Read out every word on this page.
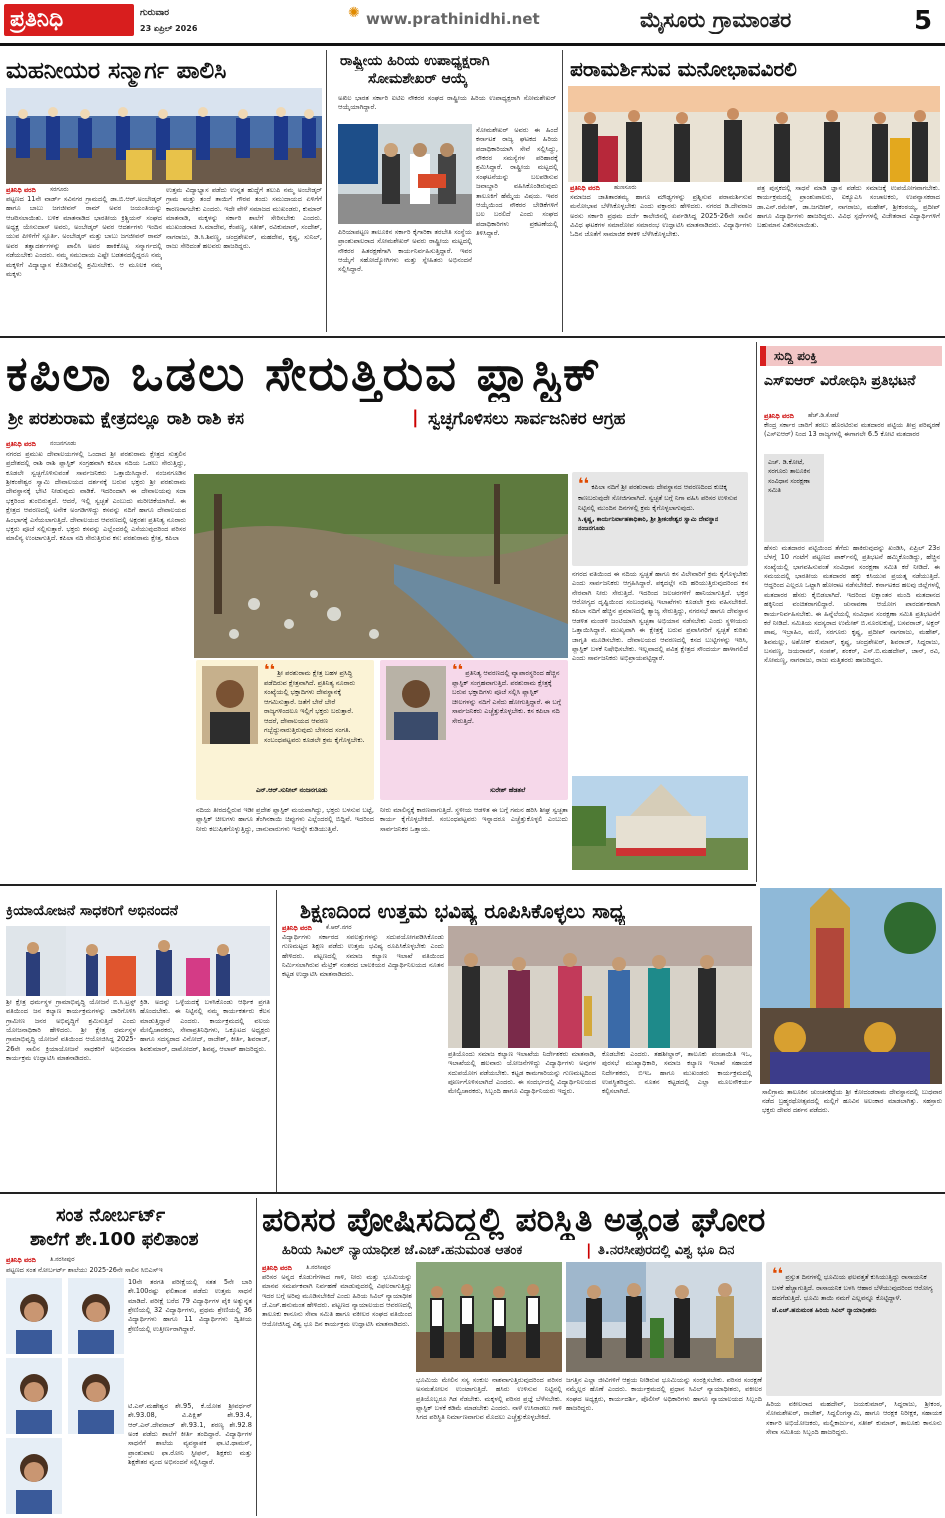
ಪ್ರತಿನಿಧಿ	ಗುರುವಾರ
23 ಏಪ್ರಿಲ್ 2026
✺ www.prathinidhi.net	ಮೈಸೂರು ಗ್ರಾಮಾಂತರ	5
ಮಹನೀಯರ ಸನ್ಮಾರ್ಗ ಪಾಲಿಸಿ
ಪ್ರತಿನಿಧಿ ವರದಿ ಸರಗೂರು
ಪಟ್ಟಣದ 11ನೇ ವಾರ್ಡ್ ಸವಿನಗರ ಗ್ರಾಮದಲ್ಲಿ ಡಾ.ಬಿ.ಆರ್.ಅಂಬೇಡ್ಕರ್ ಹಾಗೂ ಬಾಬು ಜಗಜೀವನ್ ರಾಮ್ ಅವರ ಜಯಂತಿಯನ್ನು ಆಚರಿಸಲಾಯಿತು. ಬಳಿಕ ಮಾತನಾಡಿದ ಭಾರತೀಯ ಕ್ರಿಶ್ಚಿಯನ್ ಸಂಘದ ಅಧ್ಯಕ್ಷ ಯೇಸುದಾಸ್ ಅವರು, ಅಂಬೇಡ್ಕರ್ ಅವರ ಆದರ್ಶಗಳು ಇಂದಿನ ಯುವ ಪೀಳಿಗೆಗೆ ಸ್ಫೂರ್ತಿ. ಅಂಬೇಡ್ಕರ್ ಮತ್ತು ಬಾಬು ಜಗಜೀವನ್ ರಾಮ್ ಅವರ ತತ್ವಾದರ್ಶಗಳನ್ನು ಪಾಲಿಸಿ ಅವರ ಹಾಕಿಕೊಟ್ಟ ಸನ್ಮಾರ್ಗದಲ್ಲಿ ನಡೆಯಬೇಕು ಎಂದರು. ನಮ್ಮ ಸಮುದಾಯ ಎಷ್ಟೇ ಬಡತನದಲ್ಲಿದ್ದರೂ ನಮ್ಮ ಮಕ್ಕಳಿಗೆ ವಿದ್ಯಾಭ್ಯಾಸ ಕೊಡಿಸುವಲ್ಲಿ ಶ್ರಮಿಸಬೇಕು. ಆ ಮೂಲಕ ನಮ್ಮ ಮಕ್ಕಳು
ಉತ್ತಮ ವಿದ್ಯಾಭ್ಯಾಸ ಪಡೆದು ಉನ್ನತ ಹುದ್ದೆಗೆ ತಲುಪಿ ನಮ್ಮ ಅಂಬೇಡ್ಕರ್ ಗ್ರಾಮ ಮತ್ತು ತಂದೆ ತಾಯಿಗೆ ಗೌರವ ತಂದು ಸಮುದಾಯದ ಏಳಿಗೆಗೆ ಕಾರಣರಾಗಬೇಕು ಎಂದರು. ಇದೇ ವೇಳೆ ಸಮಾಜದ ಮುಖಂಡರು, ಕುಮಾರ್ ಮಾತನಾಡಿ, ಮಕ್ಕಳನ್ನು ಸರ್ಕಾರಿ ಶಾಲೆಗೆ ಸೇರಿಸಬೇಕು ಎಂದರು. ಮುಖಂಡರಾದ ಸಿ.ಮಾದೇವ, ಕೆಂಪಣ್ಣ, ಸತೀಶ್, ರವಿಕುಮಾರ್, ಸಂದೇಶ್, ನಾಗರಾಜು, ಡಿ.ಸಿ.ಶಿವಣ್ಣ, ಚಂದ್ರಶೇಖರ್, ಮಹದೇವ, ಕೃಷ್ಣ, ಸುನಿಲ್, ರಾಜು ಸೇರಿದಂತೆ ಹಲವರು ಹಾಜರಿದ್ದರು.
ರಾಷ್ಟ್ರೀಯ ಹಿರಿಯ ಉಪಾಧ್ಯಕ್ಷರಾಗಿ
ಸೋಮಶೇಖರ್ ಆಯ್ಕೆ
ಅಖಿಲ ಭಾರತ ಸರ್ಕಾರಿ ಐಟಿಐ ನೌಕರರ ಸಂಘದ ರಾಷ್ಟ್ರೀಯ ಹಿರಿಯ ಉಪಾಧ್ಯಕ್ಷರಾಗಿ ಸೋಮಶೇಖರ್ ಆಯ್ಕೆಯಾಗಿದ್ದಾರೆ.
ಪಿರಿಯಾಪಟ್ಟಣ ತಾಲೂಕಿನ ಸರ್ಕಾರಿ ಕೈಗಾರಿಕಾ ತರಬೇತಿ ಸಂಸ್ಥೆಯ ಪ್ರಾಂಶುಪಾಲರಾದ ಸೋಮಶೇಖರ್ ಅವರು ರಾಷ್ಟ್ರೀಯ ಮಟ್ಟದಲ್ಲಿ ನೌಕರರ ಹಿತರಕ್ಷಣೆಗಾಗಿ ಕಾರ್ಯನಿರ್ವಹಿಸುತ್ತಿದ್ದಾರೆ. ಇವರ ಆಯ್ಕೆಗೆ ಸಹೋದ್ಯೋಗಿಗಳು ಮತ್ತು ಸ್ನೇಹಿತರು ಅಭಿನಂದನೆ ಸಲ್ಲಿಸಿದ್ದಾರೆ.
ಸೋಮಶೇಖರ್ ಅವರು ಈ ಹಿಂದೆ ಕರ್ನಾಟಕ ರಾಜ್ಯ ಘಟಕದ ಹಿರಿಯ ಪದಾಧಿಕಾರಿಯಾಗಿ ಸೇವೆ ಸಲ್ಲಿಸಿದ್ದು, ನೌಕರರ ಸಮಸ್ಯೆಗಳ ಪರಿಹಾರಕ್ಕೆ ಶ್ರಮಿಸಿದ್ದಾರೆ. ರಾಷ್ಟ್ರೀಯ ಮಟ್ಟದಲ್ಲಿ ಸಂಘಟನೆಯನ್ನು ಬಲಪಡಿಸುವ ಜವಾಬ್ದಾರಿ ವಹಿಸಿಕೊಂಡಿರುವುದು ತಾಲೂಕಿಗೆ ಹೆಮ್ಮೆಯ ವಿಷಯ. ಇವರ ಆಯ್ಕೆಯಿಂದ ನೌಕರರ ಬೇಡಿಕೆಗಳಿಗೆ ಬಲ ಬರಲಿದೆ ಎಂದು ಸಂಘದ ಪದಾಧಿಕಾರಿಗಳು ಪ್ರಕಟಣೆಯಲ್ಲಿ ತಿಳಿಸಿದ್ದಾರೆ.
ಪರಾಮರ್ಶಿಸುವ ಮನೋಭಾವವಿರಲಿ
ಪ್ರತಿನಿಧಿ ವರದಿ ಹುಣಸೂರು
ಸಮಾಜದ ಜಾತಿತಾರತಮ್ಯ ಹಾಗೂ ಮೌಢ್ಯಗಳನ್ನು ಪ್ರಶ್ನಿಸುವ ಪರಾಮರ್ಶಿಸುವ ಮನೋಭಾವ ಬೆಳೆಸಿಕೊಳ್ಳಬೇಕು ಎಂದು ವಕ್ತಾರರು ಹೇಳಿದರು. ನಗರದ ಡಿ.ದೇವರಾಜ ಅರಸು ಸರ್ಕಾರಿ ಪ್ರಥಮ ದರ್ಜೆ ಕಾಲೇಜಿನಲ್ಲಿ ಏರ್ಪಡಿಸಿದ್ದ 2025-26ನೇ ಸಾಲಿನ ವಿವಿಧ ಘಟಕಗಳ ಸಮಾರೋಪ ಸಮಾರಂಭ ಉದ್ಘಾಟಿಸಿ ಮಾತನಾಡಿದರು. ವಿದ್ಯಾರ್ಥಿಗಳು ಓದಿನ ಜೊತೆಗೆ ಸಾಮಾಜಿಕ ಕಳಕಳಿ ಬೆಳೆಸಿಕೊಳ್ಳಬೇಕು.
ಪತ್ರ ಪುಸ್ತಕದಲ್ಲಿ ಸಾಧನೆ ಮಾಡಿ ಜ್ಞಾನ ಪಡೆದು ಸಮಾಜಕ್ಕೆ ಉಪಯೋಗವಾಗಬೇಕು. ಕಾರ್ಯಕ್ರಮದಲ್ಲಿ ಪ್ರಾಂಶುಪಾಲರು, ಐಕ್ಯೂಎಸಿ ಸಂಚಾಲಕರು, ಉಪನ್ಯಾಸಕರಾದ ಡಾ.ಎನ್.ರಮೇಶ್, ಡಾ.ಜಗದೀಶ್, ನಾಗರಾಜು, ಮಹೇಶ್, ಶ್ರೀಕಂಠಯ್ಯ, ಪ್ರದೀಪ್ ಹಾಗೂ ವಿದ್ಯಾರ್ಥಿಗಳು ಹಾಜರಿದ್ದರು. ವಿವಿಧ ಸ್ಪರ್ಧೆಗಳಲ್ಲಿ ವಿಜೇತರಾದ ವಿದ್ಯಾರ್ಥಿಗಳಿಗೆ ಬಹುಮಾನ ವಿತರಿಸಲಾಯಿತು.
ಕಪಿಲಾ ಒಡಲು ಸೇರುತ್ತಿರುವ ಪ್ಲಾಸ್ಟಿಕ್
ಶ್ರೀ ಪರಶುರಾಮ ಕ್ಷೇತ್ರದಲ್ಲೂ ರಾಶಿ ರಾಶಿ ಕಸ	| ಸ್ವಚ್ಛಗೊಳಿಸಲು ಸಾರ್ವಜನಿಕರ ಆಗ್ರಹ
ಪ್ರತಿನಿಧಿ ವರದಿ ನಂಜನಗೂಡು
ನಗರದ ಪ್ರಮುಖ ದೇವಾಲಯಗಳಲ್ಲಿ ಒಂದಾದ ಶ್ರೀ ಪರಶುರಾಮ ಕ್ಷೇತ್ರದ ಸುತ್ತಲಿನ ಪ್ರದೇಶದಲ್ಲಿ ರಾಶಿ ರಾಶಿ ಪ್ಲಾಸ್ಟಿಕ್ ಸಂಗ್ರಹವಾಗಿ ಕಪಿಲಾ ನದಿಯ ಒಡಲು ಸೇರುತ್ತಿದ್ದು, ಕೂಡಲೇ ಸ್ವಚ್ಛಗೊಳಿಸುವಂತೆ ಸಾರ್ವಜನಿಕರು ಒತ್ತಾಯಿಸಿದ್ದಾರೆ. ನಂಜನಗೂಡಿನ ಶ್ರೀಕಂಠೇಶ್ವರ ಸ್ವಾಮಿ ದೇವಾಲಯದ ದರ್ಶನಕ್ಕೆ ಬರುವ ಭಕ್ತರು ಶ್ರೀ ಪರಶುರಾಮ ದೇವಸ್ಥಾನಕ್ಕೆ ಭೇಟಿ ನೀಡುವುದು ವಾಡಿಕೆ. ಇದರಿಂದಾಗಿ ಈ ದೇವಾಲಯವು ಸದಾ ಭಕ್ತರಿಂದ ತುಂಬಿರುತ್ತದೆ. ಆದರೆ, ಇಲ್ಲಿ ಸ್ವಚ್ಛತೆ ಎಂಬುದು ಮರೀಚಿಕೆಯಾಗಿದೆ. ಈ ಕ್ಷೇತ್ರದ ಆವರಣದಲ್ಲಿ ಅನೇಕ ಅಂಗಡಿಗಳಿದ್ದು ಕಸವನ್ನು ನದಿಗೆ ಹಾಗೂ ದೇವಾಲಯದ ಹಿಂಭಾಗಕ್ಕೆ ಎಸೆಯಲಾಗುತ್ತಿದೆ. ದೇವಾಲಯದ ಆವರಣದಲ್ಲಿ ಅಕ್ಷರಶಃ ಪ್ರತಿನಿತ್ಯ ನೂರಾರು ಭಕ್ತರು ಪೂಜೆ ಸಲ್ಲಿಸುತ್ತಾರೆ. ಭಕ್ತರು ಕಸವನ್ನು ಎಲ್ಲೆಂದರಲ್ಲಿ ಎಸೆಯುವುದರಿಂದ ಪರಿಸರ ಮಾಲಿನ್ಯ ಉಂಟಾಗುತ್ತಿದೆ. ಕಪಿಲಾ ನದಿ ಸೇರುತ್ತಿರುವ ಕಸ: ಪರಶುರಾಮ ಕ್ಷೇತ್ರ, ಕಪಿಲಾ
❛❛ ಕಪಿಲಾ ನದಿಗೆ ಶ್ರೀ ಪರಶುರಾಮ ದೇವಸ್ಥಾನದ ಆವರಣದಿಂದ ಕುಚಿಕ್ಕ ಕಾಣಬರುವುದೇ ಸೋಜಿಗವಾಗಿದೆ. ಸ್ವಚ್ಛತೆ ಬಗ್ಗೆ ನಿಗಾ ವಹಿಸಿ ಪರಿಸರ ಉಳಿಸುವ ನಿಟ್ಟಿನಲ್ಲಿ ಮುಂದಿನ ದಿನಗಳಲ್ಲಿ ಕ್ರಮ ಕೈಗೊಳ್ಳಲಾಗುವುದು.
ಸಿ.ಕೃಷ್ಣ, ಕಾರ್ಯನಿರ್ವಾಹಕಾಧಿಕಾರಿ, ಶ್ರೀ ಶ್ರೀಕಂಠೇಶ್ವರ ಸ್ವಾಮಿ ದೇವಸ್ಥಾನ ನಂಜನಗೂಡು
ನಗರದ ವತಿಯಿಂದ ಈ ನದಿಯ ಸ್ವಚ್ಛತೆ ಹಾಗೂ ಕಸ ವಿಲೇವಾರಿಗೆ ಕ್ರಮ ಕೈಗೊಳ್ಳಬೇಕು ಎಂದು ಸಾರ್ವಜನಿಕರು ಆಗ್ರಹಿಸಿದ್ದಾರೆ. ಪಕ್ಕದಲ್ಲೇ ನದಿ ಹರಿಯುತ್ತಿರುವುದರಿಂದ ಕಸ ನೇರವಾಗಿ ನೀರು ಸೇರುತ್ತಿದೆ. ಇದರಿಂದ ಜಲಚರಗಳಿಗೆ ಹಾನಿಯಾಗುತ್ತಿದೆ. ಭಕ್ತರ ಆರೋಗ್ಯದ ದೃಷ್ಟಿಯಿಂದ ಸಂಬಂಧಪಟ್ಟ ಇಲಾಖೆಗಳು ಕೂಡಲೇ ಕ್ರಮ ವಹಿಸಬೇಕಿದೆ. ಕಪಿಲಾ ನದಿಗೆ ಹೆಚ್ಚಿನ ಪ್ರಮಾಣದಲ್ಲಿ ತ್ಯಾಜ್ಯ ಸೇರುತ್ತಿದ್ದು, ನಗರಸಭೆ ಹಾಗೂ ದೇವಸ್ಥಾನ ಆಡಳಿತ ಮಂಡಳಿ ಜಂಟಿಯಾಗಿ ಸ್ವಚ್ಛತಾ ಅಭಿಯಾನ ನಡೆಸಬೇಕು ಎಂದು ಸ್ಥಳೀಯರು ಒತ್ತಾಯಿಸಿದ್ದಾರೆ. ಮುಖ್ಯವಾಗಿ ಈ ಕ್ಷೇತ್ರಕ್ಕೆ ಬರುವ ಪ್ರವಾಸಿಗರಿಗೆ ಸ್ವಚ್ಛತೆ ಕುರಿತು ಜಾಗೃತಿ ಮೂಡಿಸಬೇಕು. ದೇವಾಲಯದ ಆವರಣದಲ್ಲಿ ಕಸದ ಬುಟ್ಟಿಗಳನ್ನು ಇರಿಸಿ, ಪ್ಲಾಸ್ಟಿಕ್ ಬಳಕೆ ನಿಷೇಧಿಸಬೇಕು. ಇಲ್ಲವಾದಲ್ಲಿ ಪವಿತ್ರ ಕ್ಷೇತ್ರದ ಸೌಂದರ್ಯ ಹಾಳಾಗಲಿದೆ ಎಂದು ಸಾರ್ವಜನಿಕರು ಅಭಿಪ್ರಾಯಪಟ್ಟಿದ್ದಾರೆ.
❛❛ ಶ್ರೀ ಪರಶುರಾಮ ಕ್ಷೇತ್ರ ಬಹಳ ಪ್ರಸಿದ್ಧಿ ಪಡೆದಿರುವ ಕ್ಷೇತ್ರವಾಗಿದೆ. ಪ್ರತಿನಿತ್ಯ ನೂರಾರು ಸಂಖ್ಯೆಯಲ್ಲಿ ಭಕ್ತಾದಿಗಳು ದೇವಸ್ಥಾನಕ್ಕೆ ಆಗಮಿಸುತ್ತಾರೆ. ಜತೆಗೆ ಬೇರೆ ಬೇರೆ ರಾಜ್ಯಗಳಿಂದಲೂ ಇಲ್ಲಿಗೆ ಭಕ್ತರು ಬರುತ್ತಾರೆ. ಆದರೆ, ದೇವಾಲಯದ ಆವರಣ ಗಬ್ಬೆದ್ದುನಾರುತ್ತಿರುವುದು ಬೇಸರದ ಸಂಗತಿ. ಸಂಬಂಧಪಟ್ಟವರು ಕೂಡಲೇ ಕ್ರಮ ಕೈಗೊಳ್ಳಬೇಕು.
ಎನ್.ಆರ್.ಸುನೀಲ್ ನಂಜನಗೂಡು
❛❛ ಪ್ರತಿನಿತ್ಯ ಆವರಣದಲ್ಲಿ ವ್ಯಾಪಾರಸ್ಥರಿಂದ ಹೆಚ್ಚಿನ ಪ್ಲಾಸ್ಟಿಕ್ ಸಂಗ್ರಹವಾಗುತ್ತಿದೆ. ಪರಶುರಾಮ ಕ್ಷೇತ್ರಕ್ಕೆ ಬರುವ ಭಕ್ತಾದಿಗಳು ಪೂಜೆ ಸಲ್ಲಿಸಿ ಪ್ಲಾಸ್ಟಿಕ್ ಚೀಲಗಳನ್ನು ನದಿಗೆ ಎಸೆದು ಹೋಗುತ್ತಿದ್ದಾರೆ. ಈ ಬಗ್ಗೆ ಸಾರ್ವಜನಿಕರು ಎಚ್ಚೆತ್ತುಕೊಳ್ಳಬೇಕು. ಕಸ ಕಪಿಲಾ ನದಿ ಸೇರುತ್ತಿದೆ.
ಸುರೇಶ್ ಹೆಡತಲೆ
ನದಿಯ ತೀರದಲ್ಲಿರುವ ಇಡೀ ಪ್ರದೇಶ ಪ್ಲಾಸ್ಟಿಕ್ ಮಯವಾಗಿದ್ದು, ಭಕ್ತರು ಬಳಸುವ ಬಟ್ಟೆ, ಪ್ಲಾಸ್ಟಿಕ್ ಚೀಲಗಳು ಹಾಗೂ ತೆಂಗಿನಕಾಯಿ ಚಿಪ್ಪುಗಳು ಎಲ್ಲೆಂದರಲ್ಲಿ ಬಿದ್ದಿವೆ. ಇದರಿಂದ ನೀರು ಕಲುಷಿತಗೊಳ್ಳುತ್ತಿದ್ದು, ಜಾನುವಾರುಗಳು ಇದನ್ನೇ ಕುಡಿಯುತ್ತಿವೆ.
ನೀರು ಮಾಲಿನ್ಯಕ್ಕೆ ಕಾರಣವಾಗುತ್ತಿದೆ. ಸ್ಥಳೀಯ ಆಡಳಿತ ಈ ಬಗ್ಗೆ ಗಮನ ಹರಿಸಿ ಶೀಘ್ರ ಸ್ವಚ್ಛತಾ ಕಾರ್ಯ ಕೈಗೊಳ್ಳಬೇಕಿದೆ. ಸಂಬಂಧಪಟ್ಟವರು ಇನ್ನಾದರೂ ಎಚ್ಚೆತ್ತುಕೊಳ್ಳಲಿ ಎಂಬುದು ಸಾರ್ವಜನಿಕರ ಒತ್ತಾಯ.
ಸುದ್ದಿ ಪಂಕ್ತಿ
ಎಸ್‌ಐಆರ್ ವಿರೋಧಿಸಿ ಪ್ರತಿಭಟನೆ
ಪ್ರತಿನಿಧಿ ವರದಿ ಹೆಚ್.ಡಿ.ಕೋಟೆ
ಕೇಂದ್ರ ಸರ್ಕಾರ ಜಾರಿಗೆ ತರಲು ಹೊರಟಿರುವ ಮತದಾರರ ಪಟ್ಟಿಯ ತೀವ್ರ ಪರಿಷ್ಕರಣೆ (ಎಸ್‌ಐಆರ್) ನಿಂದ 13 ರಾಜ್ಯಗಳಲ್ಲಿ ಈಗಾಗಲೇ 6.5 ಕೋಟಿ ಮತದಾರರ
ಎಚ್. ಡಿ.ಕೋಟೆ, ಸರಗೂರು ತಾಲೂಕಿನ ಸಂವಿಧಾನ ಸಂರಕ್ಷಣಾ ಸಮಿತಿ
ಹೆಸರು ಮತದಾರರ ಪಟ್ಟಿಯಿಂದ ತೆಗೆದು ಹಾಕಿರುವುದನ್ನು ಖಂಡಿಸಿ, ಏಪ್ರಿಲ್ 23ರ ಬೆಳಗ್ಗೆ 10 ಗಂಟೆಗೆ ಪಟ್ಟಣದ ಪಾರ್ಕ್‌ನಲ್ಲಿ ಪ್ರತಿಭಟನೆ ಹಮ್ಮಿಕೊಂಡಿದ್ದು, ಹೆಚ್ಚಿನ ಸಂಖ್ಯೆಯಲ್ಲಿ ಭಾಗವಹಿಸುವಂತೆ ಸಂವಿಧಾನ ಸಂರಕ್ಷಣಾ ಸಮಿತಿ ಕರೆ ನೀಡಿದೆ. ಈ ಸಮಯದಲ್ಲಿ ಭಾರತೀಯ ಮತದಾರರ ಹಕ್ಕು ಕಸಿಯುವ ಪ್ರಯತ್ನ ನಡೆಯುತ್ತಿದೆ. ಆದ್ದರಿಂದ ಎಲ್ಲರೂ ಒಟ್ಟಾಗಿ ಹೋರಾಟ ನಡೆಸಬೇಕಿದೆ. ಕರ್ನಾಟಕದ ಹಲವು ಜಿಲ್ಲೆಗಳಲ್ಲಿ ಮತದಾರರ ಹೆಸರು ಕೈಬಿಡಲಾಗಿದೆ. ಇದರಿಂದ ಲಕ್ಷಾಂತರ ಮಂದಿ ಮತದಾನದ ಹಕ್ಕಿನಿಂದ ವಂಚಿತರಾಗಲಿದ್ದಾರೆ. ಚುನಾವಣಾ ಆಯೋಗ ಪಾರದರ್ಶಕವಾಗಿ ಕಾರ್ಯನಿರ್ವಹಿಸಬೇಕು. ಈ ಹಿನ್ನೆಲೆಯಲ್ಲಿ ಸಂವಿಧಾನ ಸಂರಕ್ಷಣಾ ಸಮಿತಿ ಪ್ರತಿಭಟನೆಗೆ ಕರೆ ನೀಡಿದೆ. ಸಮಿತಿಯ ಸದಸ್ಯರಾದ ಉಮೇಶ್ ಬಿ.ನೂರಲಕುಪ್ಪೆ, ಬಸವರಾಜ್, ಅಕ್ಬರ್ ಪಾಷ, ಇಬ್ರಾಹಿಂ, ಮಣಿ, ಸರಗೂರು ಕೃಷ್ಣ, ಪ್ರದೀಪ್ ನಾಗರಾಜು, ಮಹೇಶ್, ಶಿವಮಲ್ಲು, ಅಶೋಕ್ ಕುಮಾರ್, ಕೃಷ್ಣ, ಚಂದ್ರಶೇಖರ್, ಶಿವರಾಜ್, ಸಿದ್ದರಾಜು, ಬಸವಣ್ಣ, ಜಯರಾಮ್, ಸಂಪತ್, ಶಂಕರ್, ಎಸ್.ಬಿ.ಮಹದೇವ್, ಜಾನ್, ರವಿ, ಸೋಮಣ್ಣ, ನಾಗರಾಜು, ರಾಜು ಮತ್ತಿತರರು ಹಾಜರಿದ್ದರು.
ಸಾಲಿಗ್ರಾಮ ತಾಲೂಕಿನ ಚುಂಚನಕಟ್ಟೆಯ ಶ್ರೀ ಕೋದಂಡರಾಮ ದೇವಸ್ಥಾನದಲ್ಲಿ ಬುಧವಾರ ನಡೆದ ಬ್ರಹ್ಮರಥೋತ್ಸವದಲ್ಲಿ ಮಲ್ಲಿಗೆ ಹೂವಿನ ಅಲಂಕಾರ ಮಾಡಲಾಗಿತ್ತು. ಸಹಸ್ರಾರು ಭಕ್ತರು ದೇವರ ದರ್ಶನ ಪಡೆದರು.
ಕ್ರಿಯಾಯೋಜನೆ ಸಾಧಕರಿಗೆ ಅಭಿನಂದನೆ
ಶ್ರೀ ಕ್ಷೇತ್ರ ಧರ್ಮಸ್ಥಳ ಗ್ರಾಮಾಭಿವೃದ್ಧಿ ಯೋಜನೆ ಬಿ.ಸಿ.ಟ್ರಸ್ಟ್ ವತಿಯಿಂದ ಜನ ಕಲ್ಯಾಣ ಕಾರ್ಯಕ್ರಮಗಳನ್ನು ಜಾರಿಗೊಳಿಸಿ ಗ್ರಾಮೀಣ ಜನರ ಅಭಿವೃದ್ಧಿಗೆ ಶ್ರಮಿಸುತ್ತಿದೆ ಎಂದು ಯೋಜನಾಧಿಕಾರಿ ಹೇಳಿದರು. ಶ್ರೀ ಕ್ಷೇತ್ರ ಧರ್ಮಸ್ಥಳ ಗ್ರಾಮಾಭಿವೃದ್ಧಿ ಯೋಜನೆ ವತಿಯಿಂದ ಆಯೋಜಿಸಿದ್ದ 2025-26ನೇ ಸಾಲಿನ ಕ್ರಿಯಾಯೋಜನೆ ಸಾಧಕರಿಗೆ ಅಭಿನಂದನಾ ಕಾರ್ಯಕ್ರಮ ಉದ್ಘಾಟಿಸಿ ಮಾತನಾಡಿದರು.
ಕ್ರಿಡಿ. ಅದನ್ನು ಒಳ್ಳೆಯದಕ್ಕೆ ಬಳಸಿಕೊಂಡು ಆರ್ಥಿಕ ಪ್ರಗತಿ ಹೊಂದಬೇಕು. ಈ ನಿಟ್ಟಿನಲ್ಲಿ ನಮ್ಮ ಕಾರ್ಯಕರ್ತರು ಕೆಲಸ ಮಾಡುತ್ತಿದ್ದಾರೆ ಎಂದರು. ಕಾರ್ಯಕ್ರಮದಲ್ಲಿ ವಲಯ ಮೇಲ್ವಿಚಾರಕರು, ಸೇವಾಪ್ರತಿನಿಧಿಗಳು, ಒಕ್ಕೂಟದ ಅಧ್ಯಕ್ಷರು ಹಾಗೂ ಸದಸ್ಯರಾದ ವಿನೋದ್, ರಾಜೇಶ್, ಕೀರ್ತಿ, ಶಿವರಾಜ್, ಶಿವಕುಮಾರ್, ದಾಮೋದರ್, ಶಿವಪ್ಪ, ಆಲಾಪ್ ಹಾಜರಿದ್ದರು.
ಶಿಕ್ಷಣದಿಂದ ಉತ್ತಮ ಭವಿಷ್ಯ ರೂಪಿಸಿಕೊಳ್ಳಲು ಸಾಧ್ಯ
ಪ್ರತಿನಿಧಿ ವರದಿ ಕೆ.ಆರ್.ನಗರ
ವಿದ್ಯಾರ್ಥಿಗಳು ಸರ್ಕಾರದ ಸವಲತ್ತುಗಳನ್ನು ಸದುಪಯೋಗಪಡಿಸಿಕೊಂಡು ಗುಣಮಟ್ಟದ ಶಿಕ್ಷಣ ಪಡೆದು ಉತ್ತಮ ಭವಿಷ್ಯ ರೂಪಿಸಿಕೊಳ್ಳಬೇಕು ಎಂದು ಹೇಳಿದರು. ಪಟ್ಟಣದಲ್ಲಿ ಸಮಾಜ ಕಲ್ಯಾಣ ಇಲಾಖೆ ವತಿಯಿಂದ ನಿರ್ಮಿಸಲಾಗಿರುವ ಮೆಟ್ರಿಕ್ ನಂತರದ ಬಾಲಕಿಯರ ವಿದ್ಯಾರ್ಥಿನಿಲಯದ ನೂತನ ಕಟ್ಟಡ ಉದ್ಘಾಟಿಸಿ ಮಾತನಾಡಿದರು.
ಪ್ರತಿಯೊಂದು ಸಮಾಜ ಕಲ್ಯಾಣ ಇಲಾಖೆಯ ನಿರ್ದೇಶಕರು ಮಾತನಾಡಿ, ಇಲಾಖೆಯಲ್ಲಿ ಹಲವಾರು ಯೋಜನೆಗಳಿದ್ದು ವಿದ್ಯಾರ್ಥಿಗಳು ಅವುಗಳ ಸದುಪಯೋಗ ಪಡೆಯಬೇಕು. ಕಟ್ಟಡ ಕಾಮಗಾರಿಯನ್ನು ಗುಣಮಟ್ಟದಿಂದ ಪೂರ್ಣಗೊಳಿಸಲಾಗಿದೆ ಎಂದರು. ಈ ಸಂದರ್ಭದಲ್ಲಿ ವಿದ್ಯಾರ್ಥಿನಿಲಯದ ಮೇಲ್ವಿಚಾರಕರು, ಸಿಬ್ಬಂದಿ ಹಾಗೂ ವಿದ್ಯಾರ್ಥಿನಿಯರು ಇದ್ದರು.
ಕೊಡಬೇಕು ಎಂದರು. ತಹಶೀಲ್ದಾರ್, ತಾಲೂಕು ಪಂಚಾಯಿತಿ ಇಒ, ಪುರಸಭೆ ಮುಖ್ಯಾಧಿಕಾರಿ, ಸಮಾಜ ಕಲ್ಯಾಣ ಇಲಾಖೆ ಸಹಾಯಕ ನಿರ್ದೇಶಕರು, ಬಿಇಒ ಹಾಗೂ ಮುಖಂಡರು ಕಾರ್ಯಕ್ರಮದಲ್ಲಿ ಉಪಸ್ಥಿತರಿದ್ದರು. ನೂತನ ಕಟ್ಟಡದಲ್ಲಿ ಎಲ್ಲಾ ಮೂಲಸೌಕರ್ಯ ಕಲ್ಪಿಸಲಾಗಿದೆ.
ಸಂತ ನೋರ್ಬರ್ಟ್
ಶಾಲೆಗೆ ಶೇ.100 ಫಲಿತಾಂಶ
ಪ್ರತಿನಿಧಿ ವರದಿ ತಿ.ನರಸೀಪುರ
ಪಟ್ಟಣದ ಸಂತ ನೋರ್ಬರ್ಟ್ ಶಾಲೆಯು 2025-26ನೇ ಸಾಲಿನ ಸಿಬಿಎಸ್‌ಇ
10ನೇ ತರಗತಿ ಪರೀಕ್ಷೆಯಲ್ಲಿ ಸತತ 5ನೇ ಬಾರಿ ಶೇ.100ರಷ್ಟು ಫಲಿತಾಂಶ ಪಡೆದು ಉತ್ತಮ ಸಾಧನೆ ಮಾಡಿದೆ. ಪರೀಕ್ಷೆ ಬರೆದ 79 ವಿದ್ಯಾರ್ಥಿಗಳ ಪೈಕಿ ಅತ್ಯುನ್ನತ ಶ್ರೇಣಿಯಲ್ಲಿ 32 ವಿದ್ಯಾರ್ಥಿಗಳು, ಪ್ರಥಮ ಶ್ರೇಣಿಯಲ್ಲಿ 36 ವಿದ್ಯಾರ್ಥಿಗಳು ಹಾಗೂ 11 ವಿದ್ಯಾರ್ಥಿಗಳು ದ್ವಿತೀಯ ಶ್ರೇಣಿಯಲ್ಲಿ ಉತ್ತೀರ್ಣರಾಗಿದ್ದಾರೆ.
ಟಿ.ಎನ್.ಮಹೇಶ್ವರ ಶೇ.95, ಕೆ.ಯೋಶ ಶ್ರೀವರ್ಧನ್ ಶೇ.93.08, ವಿ.ಪಿಕ್ಷಿತ್ ಶೇ.93.4, ಆರ್.ಎನ್.ದೇವರಾಜ್ ಶೇ.93.1, ಶರಣ್ಯ ಶೇ.92.8 ಅಂಕ ಪಡೆದು ಶಾಲೆಗೆ ಕೀರ್ತಿ ತಂದಿದ್ದಾರೆ. ವಿದ್ಯಾರ್ಥಿಗಳ ಸಾಧನೆಗೆ ಶಾಲೆಯ ವ್ಯವಸ್ಥಾಪಕ ಫಾ.ಟಿ.ಥಾಮಸ್, ಪ್ರಾಂಶುಪಾಲ ಫಾ.ರೋನಿ ಸ್ಟೀಫನ್, ಶಿಕ್ಷಕರು ಮತ್ತು ಶಿಕ್ಷಕೇತರ ವೃಂದ ಅಭಿನಂದನೆ ಸಲ್ಲಿಸಿದ್ದಾರೆ.
ಪರಿಸರ ಪೋಷಿಸದಿದ್ದಲ್ಲಿ ಪರಿಸ್ಥಿತಿ ಅತ್ಯಂತ ಘೋರ
ಹಿರಿಯ ಸಿವಿಲ್ ನ್ಯಾಯಾಧೀಶ ಜೆ.ಎಚ್.ಹನುಮಂತ ಆತಂಕ	| ತಿ.ನರಸೀಪುರದಲ್ಲಿ ವಿಶ್ವ ಭೂ ದಿನ
ಪ್ರತಿನಿಧಿ ವರದಿ ತಿ.ನರಸೀಪುರ
ಪರಿಸರ ಅನ್ನದ ಕೊಡುಗೆಗಳಾದ ಗಾಳಿ, ನೀರು ಮತ್ತು ಭೂಮಿಯನ್ನು ಮಾನವ ಸಮರ್ಪಕವಾಗಿ ನಿರ್ವಹಣೆ ಮಾಡುವುದರಲ್ಲಿ ವಿಫಲರಾಗುತ್ತಿದ್ದು ಇದರ ಬಗ್ಗೆ ಅರಿವು ಮೂಡಿಸಬೇಕಿದೆ ಎಂದು ಹಿರಿಯ ಸಿವಿಲ್ ನ್ಯಾಯಾಧೀಶ ಜೆ.ಎಚ್.ಹನುಮಂತ ಹೇಳಿದರು. ಪಟ್ಟಣದ ನ್ಯಾಯಾಲಯದ ಆವರಣದಲ್ಲಿ ತಾಲೂಕು ಕಾನೂನು ಸೇವಾ ಸಮಿತಿ ಹಾಗೂ ವಕೀಲರ ಸಂಘದ ವತಿಯಿಂದ ಆಯೋಜಿಸಿದ್ದ ವಿಶ್ವ ಭೂ ದಿನ ಕಾರ್ಯಕ್ರಮ ಉದ್ಘಾಟಿಸಿ ಮಾತನಾಡಿದರು.
ಭೂಮಿಯ ಮೇಲಿನ ಸಸ್ಯ ಸಂಕುಲ ನಾಶವಾಗುತ್ತಿರುವುದರಿಂದ ಪರಿಸರ ಅಸಮತೋಲನ ಉಂಟಾಗುತ್ತಿದೆ. ಹಸಿರು ಉಳಿಸುವ ನಿಟ್ಟಿನಲ್ಲಿ ಪ್ರತಿಯೊಬ್ಬರೂ ಗಿಡ ನೆಡಬೇಕು. ಮಕ್ಕಳಲ್ಲಿ ಪರಿಸರ ಪ್ರಜ್ಞೆ ಬೆಳೆಸಬೇಕು. ಪ್ಲಾಸ್ಟಿಕ್ ಬಳಕೆ ಕಡಿಮೆ ಮಾಡಬೇಕು ಎಂದರು. ನಾಳೆ ಉಸಿರಾಡಲು ಗಾಳಿ ಸಿಗದ ಪರಿಸ್ಥಿತಿ ನಿರ್ಮಾಣವಾಗುವ ಮೊದಲು ಎಚ್ಚೆತ್ತುಕೊಳ್ಳಬೇಕಿದೆ.
ಜಗತ್ತಿನ ಎಲ್ಲಾ ಜೀವಿಗಳಿಗೆ ಆಶ್ರಯ ನೀಡಿರುವ ಭೂಮಿಯನ್ನು ಸಂರಕ್ಷಿಸಬೇಕು. ಪರಿಸರ ಸಂರಕ್ಷಣೆ ನಮ್ಮೆಲ್ಲರ ಹೊಣೆ ಎಂದರು. ಕಾರ್ಯಕ್ರಮದಲ್ಲಿ ಪ್ರಧಾನ ಸಿವಿಲ್ ನ್ಯಾಯಾಧೀಶರು, ವಕೀಲರ ಸಂಘದ ಅಧ್ಯಕ್ಷರು, ಕಾರ್ಯದರ್ಶಿ, ಪೊಲೀಸ್ ಅಧಿಕಾರಿಗಳು ಹಾಗೂ ನ್ಯಾಯಾಲಯದ ಸಿಬ್ಬಂದಿ ಹಾಜರಿದ್ದರು.
❛❛ ಪ್ರಸ್ತುತ ದಿನಗಳಲ್ಲಿ ಭೂಮಿಯ ಫಲವತ್ತತೆ ಕುಸಿಯುತ್ತಿದ್ದು ರಾಸಾಯನಿಕ ಬಳಕೆ ಹೆಚ್ಚಾಗುತ್ತಿದೆ. ರಾಸಾಯನಿಕ ಬಳಸಿ ಆಹಾರ ಬೆಳೆಯುವುದರಿಂದ ಆರೋಗ್ಯ ಹದಗೆಡುತ್ತಿದೆ. ಭೂಮಿ ತಾಯಿ ನಮಗೆ ಎಲ್ಲವನ್ನೂ ಕೊಟ್ಟಿದ್ದಾಳೆ.
ಜೆ.ಎಚ್.ಹನುಮಂತ ಹಿರಿಯ ಸಿವಿಲ್ ನ್ಯಾಯಾಧೀಶರು
ಹಿರಿಯ ವಕೀಲರಾದ ಮಹದೇವ್, ಜಯಕುಮಾರ್, ಸಿದ್ದರಾಜು, ಶ್ರೀಕಂಠ, ಸೋಮಶೇಖರ್, ರಾಜೇಶ್, ಸಿದ್ದಲಿಂಗಸ್ವಾಮಿ, ಹಾಗೂ ಆರಕ್ಷಕ ನಿರೀಕ್ಷಕ, ಸಹಾಯಕ ಸರ್ಕಾರಿ ಅಭಿಯೋಜಕರು, ಮಲ್ಲಿಕಾರ್ಜುನ, ಸತೀಶ್ ಕುಮಾರ್, ತಾಲೂಕು ಕಾನೂನು ಸೇವಾ ಸಮಿತಿಯ ಸಿಬ್ಬಂದಿ ಹಾಜರಿದ್ದರು.
